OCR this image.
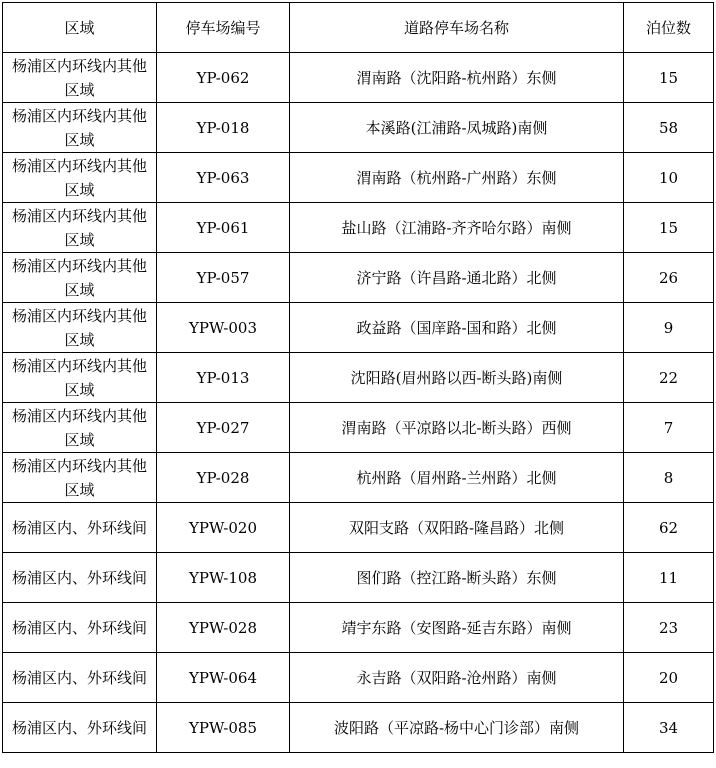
区域	停车场编号	道路停车场名称	泊位数
杨浦区内环线内其他区域	YP-062	渭南路（沈阳路-杭州路）东侧	15
杨浦区内环线内其他区域	YP-018	本溪路(江浦路-凤城路)南侧	58
杨浦区内环线内其他区域	YP-063	渭南路（杭州路-广州路）东侧	10
杨浦区内环线内其他区域	YP-061	盐山路（江浦路-齐齐哈尔路）南侧	15
杨浦区内环线内其他区域	YP-057	济宁路（许昌路-通北路）北侧	26
杨浦区内环线内其他区域	YPW-003	政益路（国庠路-国和路）北侧	9
杨浦区内环线内其他区域	YP-013	沈阳路(眉州路以西-断头路)南侧	22
杨浦区内环线内其他区域	YP-027	渭南路（平凉路以北-断头路）西侧	7
杨浦区内环线内其他区域	YP-028	杭州路（眉州路-兰州路）北侧	8
杨浦区内、外环线间	YPW-020	双阳支路（双阳路-隆昌路）北侧	62
杨浦区内、外环线间	YPW-108	图们路（控江路-断头路）东侧	11
杨浦区内、外环线间	YPW-028	靖宇东路（安图路-延吉东路）南侧	23
杨浦区内、外环线间	YPW-064	永吉路（双阳路-沧州路）南侧	20
杨浦区内、外环线间	YPW-085	波阳路（平凉路-杨中心门诊部）南侧	34
